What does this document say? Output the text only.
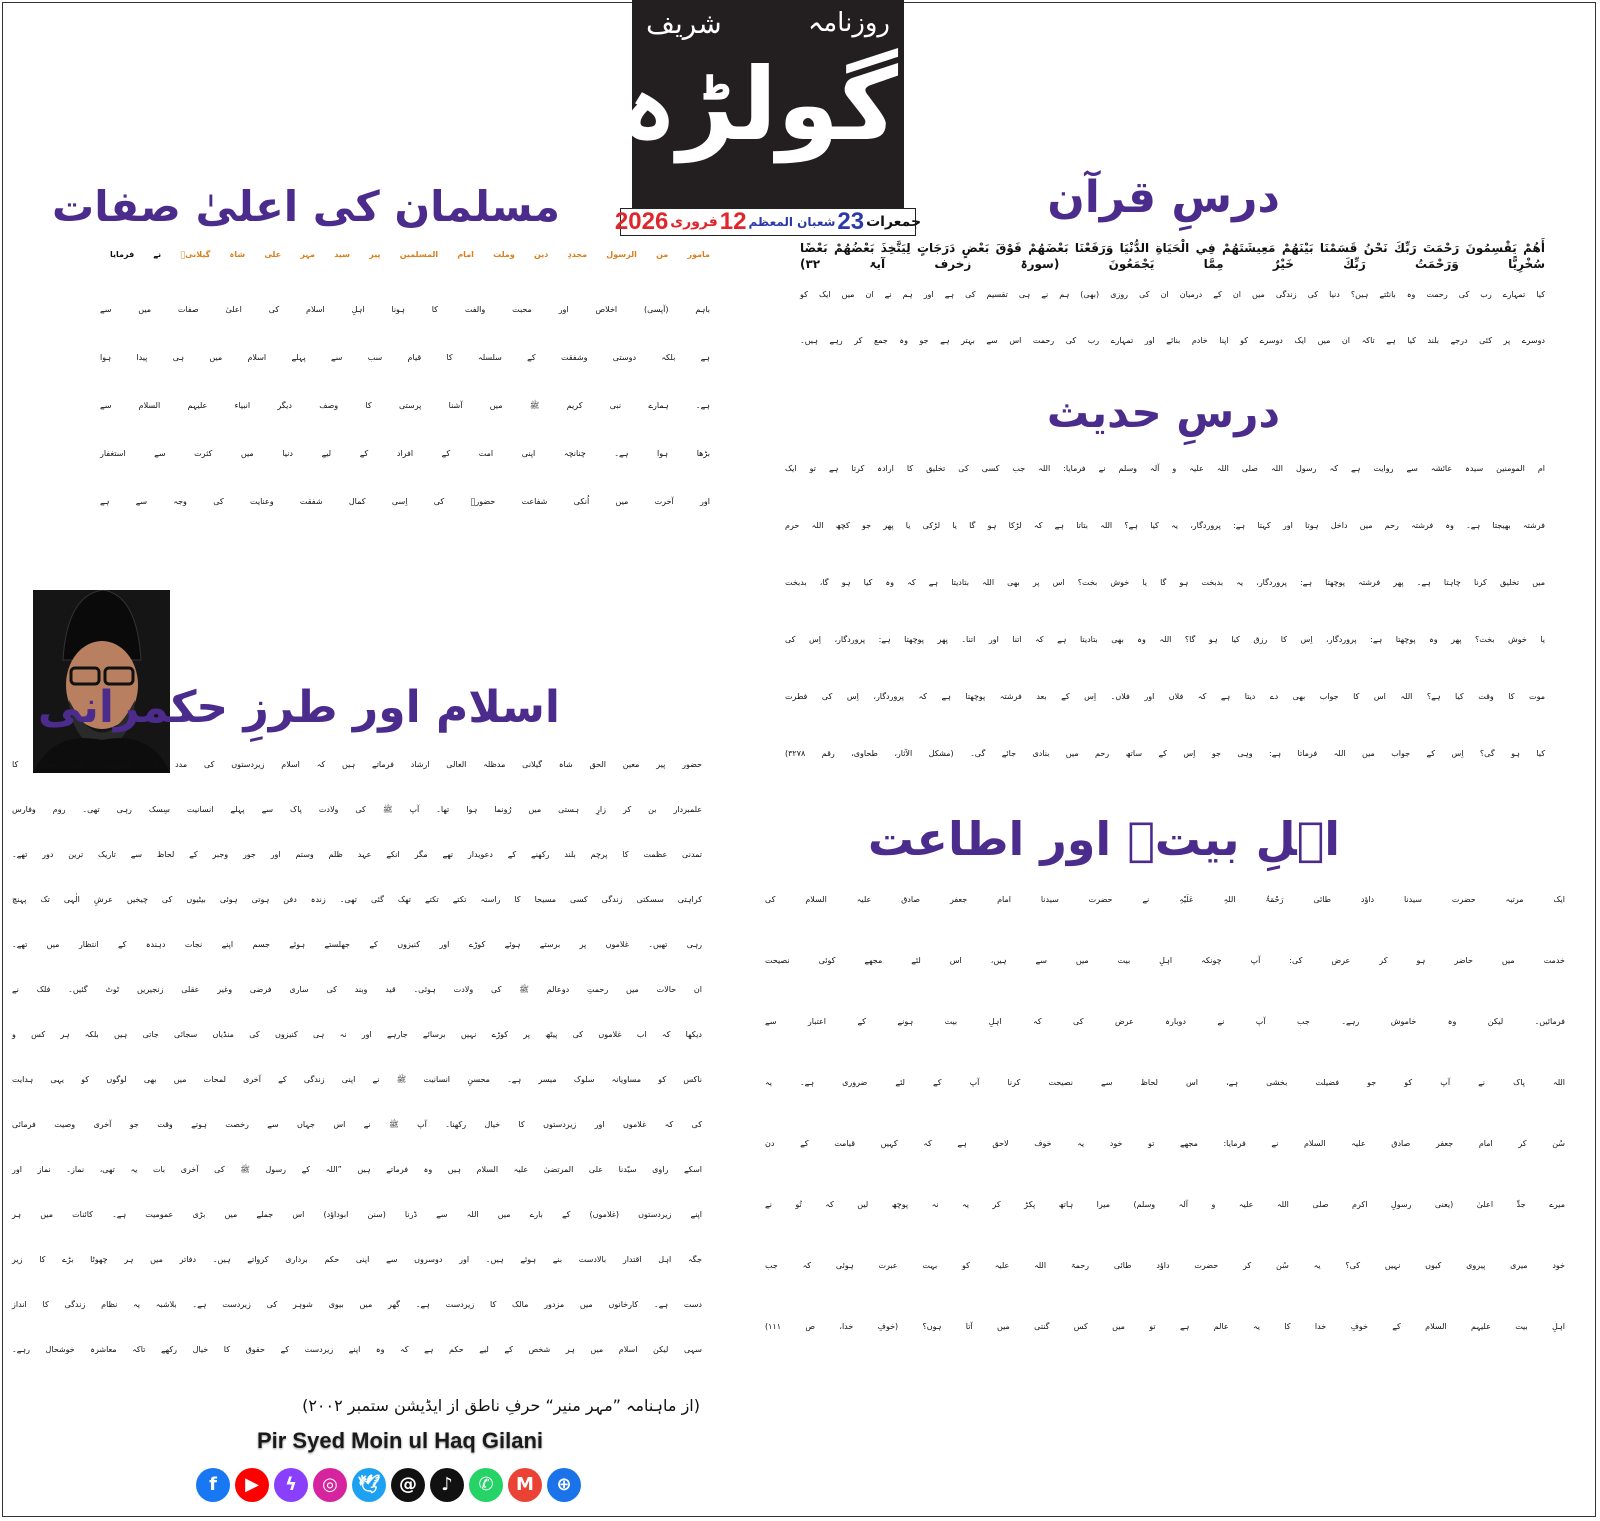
روزنامہ
شریف
گولڑہ
جمعرات
23
شعبان المعظم
12
فروری
2026	درسِ قرآن
أَهُمْ يَقْسِمُونَ رَحْمَتَ رَبِّكَ نَحْنُ قَسَمْنَا بَيْنَهُمْ مَعِيشَتَهُمْ فِي الْحَيَاةِ الدُّنْيَا وَرَفَعْنَا بَعْضَهُمْ فَوْقَ بَعْضٍ دَرَجَاتٍ لِيَتَّخِذَ بَعْضُهُمْ بَعْضًا سُخْرِيًّا وَرَحْمَتُ رَبِّكَ خَيْرٌ مِمَّا يَجْمَعُونَ (سورۃ زخرف آیۃ ۳۲)
کیا تمہارے رب کی رحمت وہ بانٹتے ہیں؟ دنیا کی زندگی میں ان کے درمیان ان کی روزی (بھی) ہم نے ہی تقسیم کی ہے اور ہم نے ان میں ایک کو
دوسرے پر کئی درجے بلند کیا ہے تاکہ ان میں ایک دوسرے کو اپنا خادم بنائے اور تمہارے رب کی رحمت اس سے بہتر ہے جو وہ جمع کر رہے ہیں۔
درسِ حدیث
ام المومنین سیدہ عائشہ سے روایت ہے کہ رسول اللہ صلی اللہ علیہ و آلہ وسلم نے فرمایا: اللہ جب کسی کی تخلیق کا ارادہ کرتا ہے تو ایک
فرشتہ بھیجتا ہے۔ وہ فرشتہ رحم میں داخل ہوتا اور کہتا ہے: پروردگار، یہ کیا ہے؟ اللہ بتاتا ہے کہ لڑکا ہو گا یا لڑکی یا پھر جو کچھ اللہ حرم
میں تخلیق کرنا چاہتا ہے۔ پھر فرشتہ پوچھتا ہے: پروردگار، یہ بدبخت ہو گا یا خوش بخت؟ اس پر بھی اللہ بتادیتا ہے کہ وہ کیا ہو گا، بدبخت
یا خوش بخت؟ پھر وہ پوچھتا ہے: پروردگار، اِس کا رزق کیا ہو گا؟ اللہ وہ بھی بتادیتا ہے کہ اتنا اور اتنا۔ پھر پوچھتا ہے: پروردگار، اِس کی
موت کا وقت کیا ہے؟ اللہ اس کا جواب بھی دے دیتا ہے کہ فلاں اور فلاں۔ اِس کے بعد فرشتہ پوچھتا ہے کہ پروردگار، اِس کی فطرت
کیا ہو گی؟ اِس کے جواب میں اللہ فرماتا ہے: وہی جو اِس کے ساتھ رحم میں بنادی جائے گی۔ (مشکل الآثار، طحاوی، رقم ۳۲۷۸)
اہلِ بیتؑ اور اطاعت
ایک مرتبہ حضرت سیدنا داؤد طائی رَحْمَۃُ اللہِ عَلَیْہِ نے حضرت سیدنا امام جعفر صادق علیہ السلام کی
خدمت میں حاضر ہو کر عرض کی: آپ چونکہ اہلِ بیت میں سے ہیں، اس لئے مجھے کوئی نصیحت
فرمائیں۔ لیکن وہ خاموش رہے۔ جب آپ نے دوبارہ عرض کی کہ اہلِ بیت ہونے کے اعتبار سے
اللہ پاک نے آپ کو جو فضیلت بخشی ہے، اس لحاظ سے نصیحت کرنا آپ کے لئے ضروری ہے۔ یہ
سُن کر امام جعفر صادق علیہ السلام نے فرمایا: مجھے تو خود یہ خوف لاحق ہے کہ کہیں قیامت کے دن
میرے جدِّ اعلیٰ (یعنی رسولِ اکرم صلی اللہ علیہ و آلہ وسلم) میرا ہاتھ پکڑ کر یہ نہ پوچھ لیں کہ تُو نے
خود میری پیروی کیوں نہیں کی؟ یہ سُن کر حضرت داؤد طائی رحمۃ اللہ علیہ کو بہت عبرت ہوئی کہ جب
اہلِ بیت علیہم السلام کے خوفِ خدا کا یہ عالم ہے تو میں کس گنتی میں آتا ہوں؟ (خوفِ خدا، ص ۱۱۱)
مسلمان کی اعلیٰ صفات
مامور من الرسول مجددِ دین وملت امام المسلمین پیر سید مہر علی شاہ گیلانیؒ نے فرمایا
باہم (آپسی) اخلاص اور محبت والفت کا ہونا اہلِ اسلام کی اعلیٰ صفات میں سے
ہے بلکہ دوستی وشفقت کے سلسلہ کا قیام سب سے پہلے اسلام میں ہی پیدا ہوا
ہے۔ ہمارے نبی کریم ﷺ میں آشنا پرستی کا وصف دیگر انبیاء علیہم السلام سے
بڑھا ہوا ہے۔ چنانچہ اپنی امت کے افراد کے لیے دنیا میں کثرت سے استغفار
اور آخرت میں اُنکی شفاعت حضورؐ کی اِسی کمال شفقت وعنایت کی وجہ سے ہے
اسلام اور طرزِ حکمرانی
حضور پیر معین الحق شاہ گیلانی مدظلہ العالی ارشاد فرماتے ہیں کہ اسلام زیردستوں کی مدد اور کمزوروں کی حمایت کا
علمبردار بن کر زارِ ہستی میں رُونما ہوا تھا۔ آپ ﷺ کی ولادت پاک سے پہلے انسانیت سِسک رہی تھی۔ روم وفارس
تمدنی عظمت کا پرچم بلند رکھنے کے دعویدار تھے مگر انکے عہد ظلم وستم اور جور وجبر کے لحاظ سے تاریک ترین دور تھے۔
کراہتی سسکتی زندگی کسی مسیحا کا راستہ تکتے تکتے تھک گئی تھی۔ زندہ دفن ہوتی ہوئی بیٹیوں کی چیخیں عرشِ الٰہی تک پہنچ
رہی تھیں۔ غلاموں پر برستے ہوئے کوڑے اور کنیزوں کے جھلستے ہوئے جسم اپنے نجات دہندہ کے انتظار میں تھے۔
ان حالات میں رحمتِ دوعالم ﷺ کی ولادت ہوئی۔ قید وبند کی ساری فرضی وغیر عقلی زنجیریں ٹوٹ گئیں۔ فلک نے
دیکھا کہ اب غلاموں کی پیٹھ پر کوڑے نہیں برسائے جارہے اور نہ ہی کنیزوں کی منڈیاں سجائی جاتی ہیں بلکہ ہر کس و
ناکس کو مساویانہ سلوک میسر ہے۔ محسنِ انسانیت ﷺ نے اپنی زندگی کے آخری لمحات میں بھی لوگوں کو یہی ہدایت
کی کہ غلاموں اور زیردستوں کا خیال رکھنا۔ آپ ﷺ نے اس جہاں سے رخصت ہوتے وقت جو آخری وصیت فرمائی
اسکے راوی سیّدنا علی المرتضیٰ علیہ السلام ہیں وہ فرماتے ہیں ”اللہ کے رسول ﷺ کی آخری بات یہ تھی، نماز۔ نماز اور
اپنے زیردستوں (غلاموں) کے بارے میں اللہ سے ڈرنا (سنن ابوداؤد) اس جملے میں بڑی عمومیت ہے۔ کائنات میں ہر
جگہ اہل اقتدار بالادست بنے ہوئے ہیں۔ اور دوسروں سے اپنی حکم برداری کرواتے ہیں۔ دفاتر میں ہر چھوٹا بڑے کا زیر
دست ہے۔ کارخانوں میں مزدور مالک کا زیردست ہے۔ گھر میں بیوی شوہر کی زیردست ہے۔ بلاشبہ یہ نظام زندگی کا انداز
سہی لیکن اسلام میں ہر شخص کے لیے حکم ہے کہ وہ اپنے زیردست کے حقوق کا خیال رکھے تاکہ معاشرہ خوشحال رہے۔
(از ماہنامہ ”مہر منیر“ حرفِ ناطق از ایڈیشن ستمبر ۲۰۰۲)
Pir Syed Moin ul Haq Gilani
f	▶	ϟ	◎	🕊	@	♪	✆	M	⊕
